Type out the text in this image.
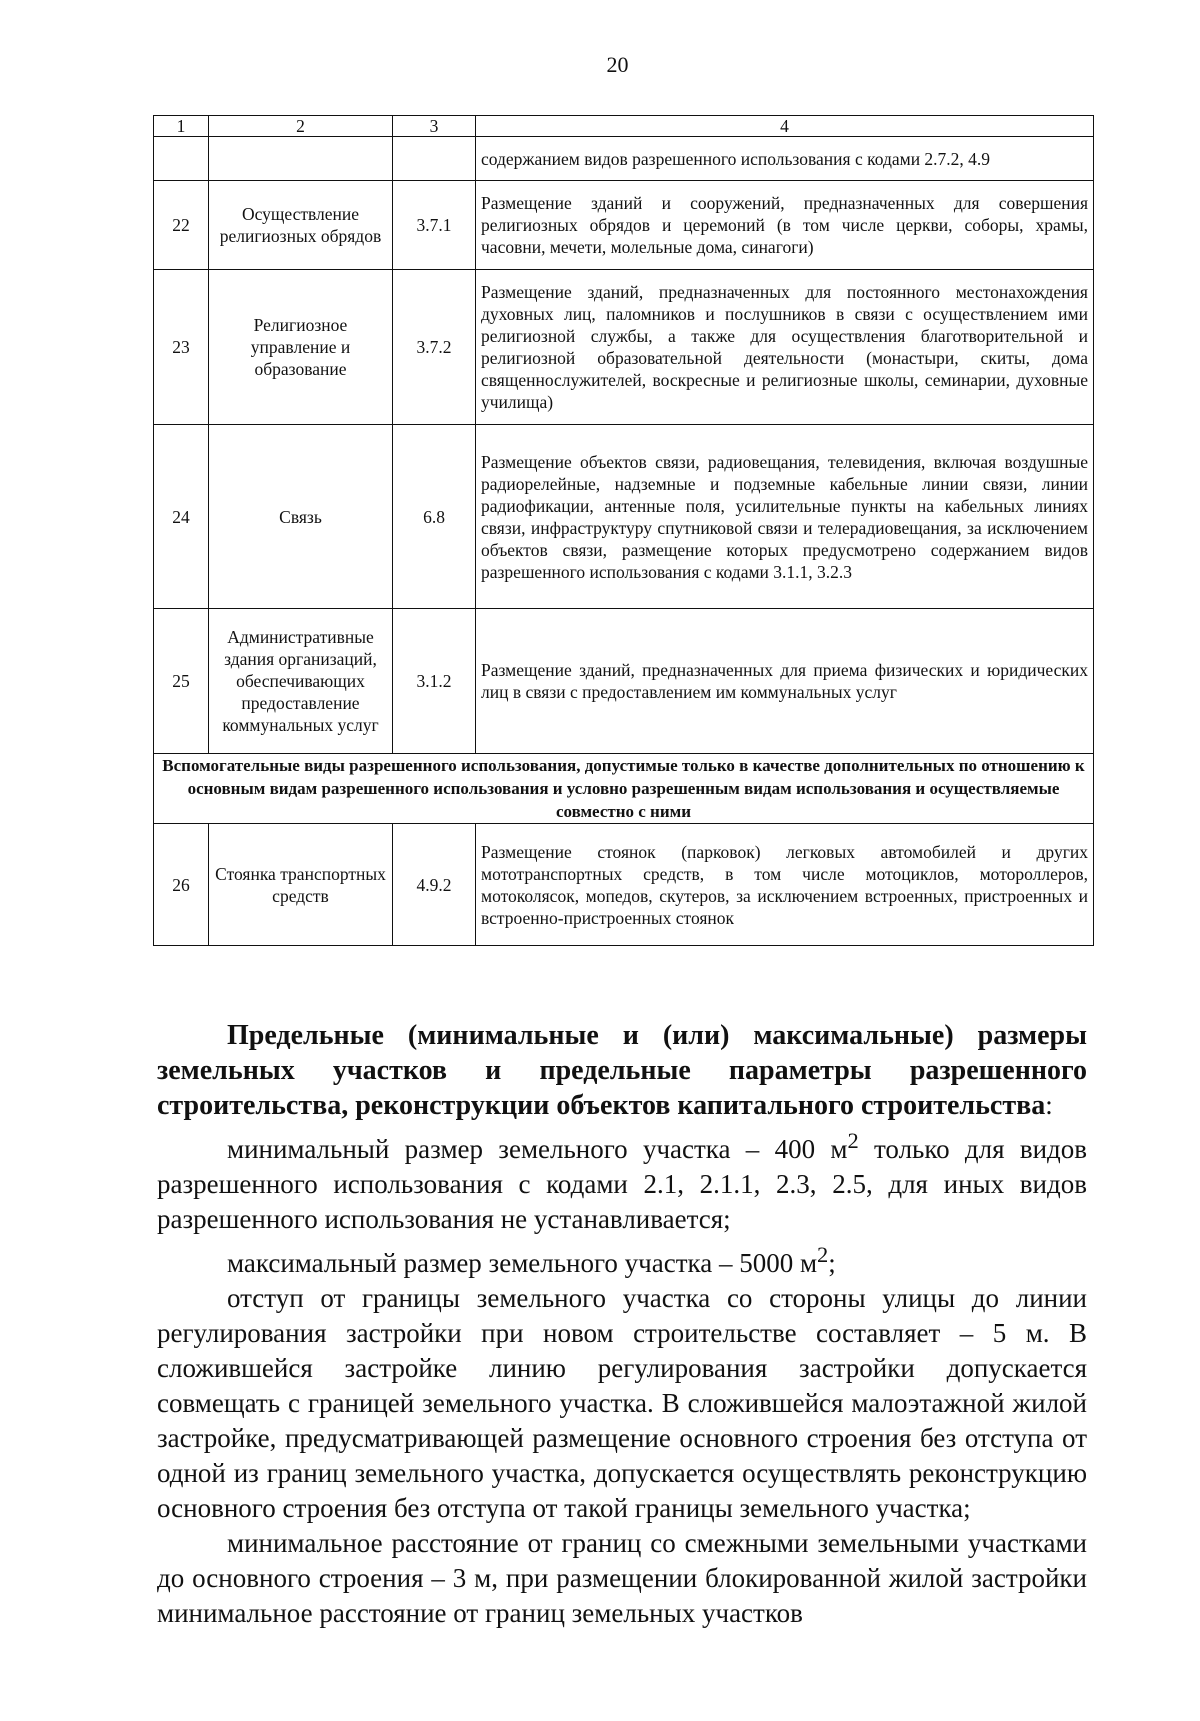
20
1	2	3	4
			содержанием видов разрешенного использования с кодами 2.7.2, 4.9
22	Осуществление религиозных обрядов	3.7.1	Размещение зданий и сооружений, предназначенных для совершения религиозных обрядов и церемоний (в том числе церкви, соборы, храмы, часовни, мечети, молельные дома, синагоги)
23	Религиозное управление и образование	3.7.2	Размещение зданий, предназначенных для постоянного местонахождения духовных лиц, паломников и послушников в связи с осуществлением ими религиозной службы, а также для осуществления благотворительной и религиозной образовательной деятельности (монастыри, скиты, дома священнослужителей, воскресные и религиозные школы, семинарии, духовные училища)
24	Связь	6.8	Размещение объектов связи, радиовещания, телевидения, включая воздушные радиорелейные, надземные и подземные кабельные линии связи, линии радиофикации, антенные поля, усилительные пункты на кабельных линиях связи, инфраструктуру спутниковой связи и телерадиовещания, за исключением объектов связи, размещение которых предусмотрено содержанием видов разрешенного использования с кодами 3.1.1, 3.2.3
25	Административные здания организаций, обеспечивающих предоставление коммунальных услуг	3.1.2	Размещение зданий, предназначенных для приема физических и юридических лиц в связи с предоставлением им коммунальных услуг
Вспомогательные виды разрешенного использования, допустимые только в качестве дополнительных по отношению к основным видам разрешенного использования и условно разрешенным видам использования и осуществляемые совместно с ними			
26	Стоянка транспортных средств	4.9.2	Размещение стоянок (парковок) легковых автомобилей и других мототранспортных средств, в том числе мотоциклов, мотороллеров, мотоколясок, мопедов, скутеров, за исключением встроенных, пристроенных и встроенно-пристроенных стоянок

Предельные (минимальные и (или) максимальные) размеры земельных участков и предельные параметры разрешенного строительства, реконструкции объектов капитального строительства:

минимальный размер земельного участка – 400 $м^2$ только для видов разрешенного использования с кодами 2.1, 2.1.1, 2.3, 2.5, для иных видов разрешенного использования не устанавливается;

максимальный размер земельного участка – 5000 $м^2$;

отступ от границы земельного участка со стороны улицы до линии регулирования застройки при новом строительстве составляет – 5 м. В сложившейся застройке линию регулирования застройки допускается совмещать с границей земельного участка. В сложившейся малоэтажной жилой застройке, предусматривающей размещение основного строения без отступа от одной из границ земельного участка, допускается осуществлять реконструкцию основного строения без отступа от такой границы земельного участка;

минимальное расстояние от границ со смежными земельными участками до основного строения – 3 м, при размещении блокированной жилой застройки минимальное расстояние от границ земельных участков
